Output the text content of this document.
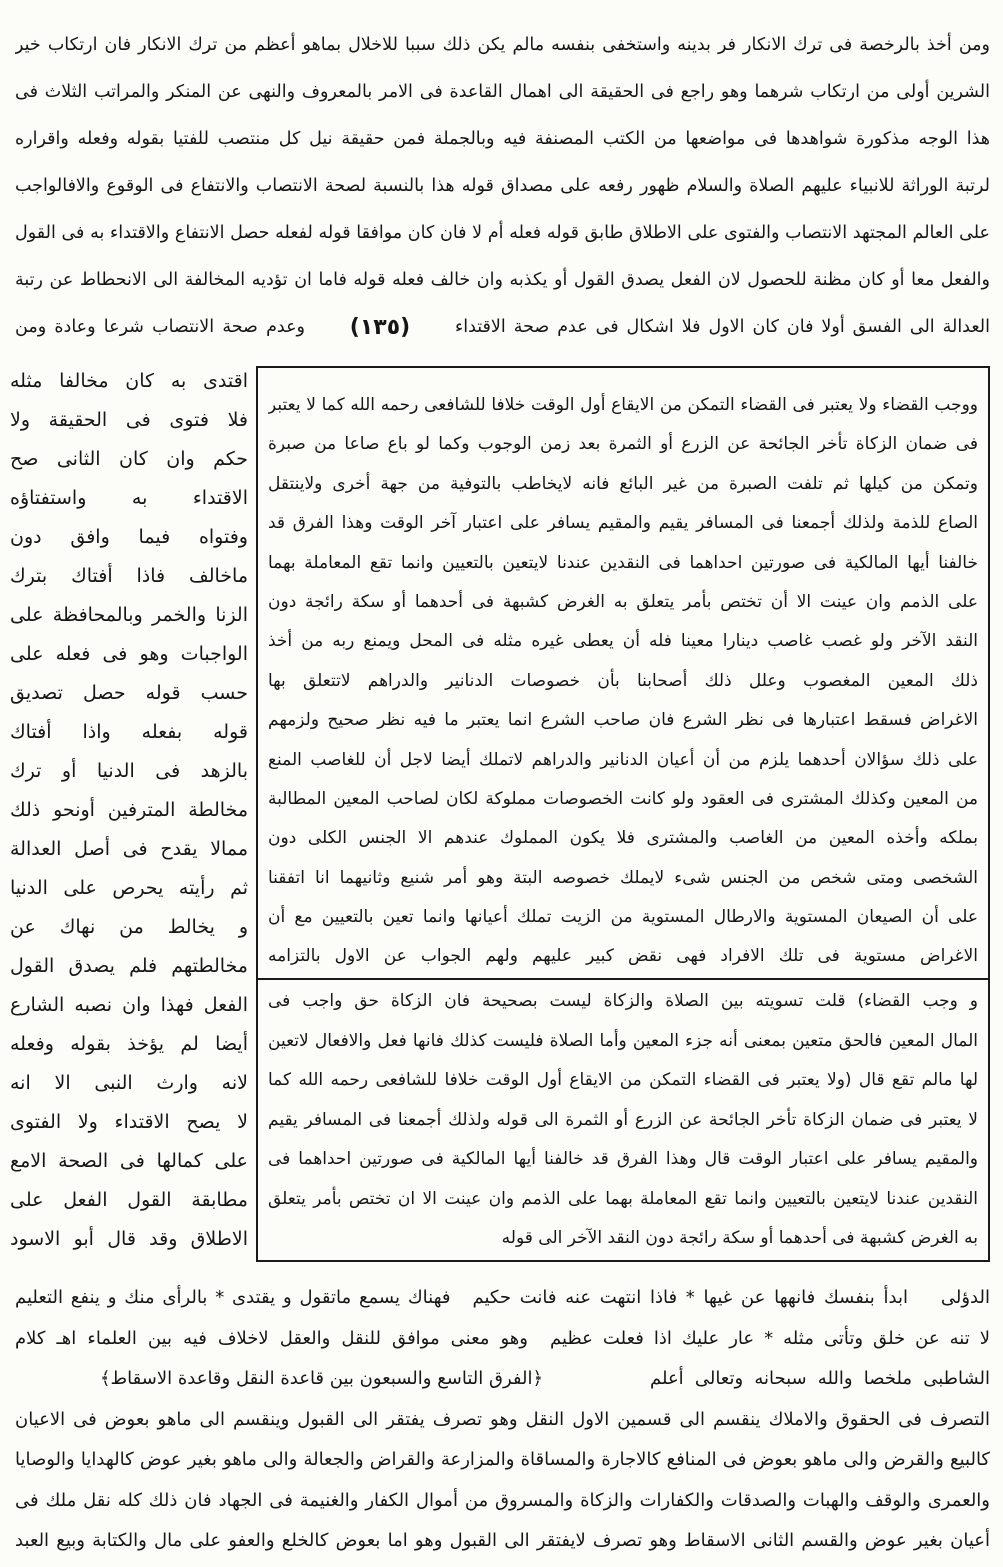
ومن أخذ بالرخصة فى ترك الانكار فر بدينه واستخفى بنفسه مالم يكن ذلك سببا للاخلال بماهو أعظم من ترك الانكار فان ارتكاب خير
الشرين أولى من ارتكاب شرهما وهو راجع فى الحقيقة الى اهمال القاعدة فى الامر بالمعروف والنهى عن المنكر والمراتب الثلاث فى
هذا الوجه مذكورة شواهدها فى مواضعها من الكتب المصنفة فيه وبالجملة فمن حقيقة نيل كل منتصب للفتيا بقوله وفعله واقراره
لرتبة الوراثة للانبياء عليهم الصلاة والسلام ظهور رفعه على مصداق قوله هذا بالنسبة لصحة الانتصاب والانتفاع فى الوقوع والافالواجب
على العالم المجتهد الانتصاب والفتوى على الاطلاق طابق قوله فعله أم لا فان كان موافقا قوله لفعله حصل الانتفاع والاقتداء به فى القول
والفعل معا أو كان مظنة للحصول لان الفعل يصدق القول أو يكذبه وان خالف فعله قوله فاما ان تؤديه المخالفة الى الانحطاط عن رتبة
العدالة الى الفسق أولا فان كان الاول فلا اشكال فى عدم صحة الاقتداء
(١٣٥)
وعدم صحة الانتصاب شرعا وعادة ومن
اقتدى به كان مخالفا مثله
فلا فتوى فى الحقيقة ولا
حكم وان كان الثانى صح
الاقتداء به واستفتاؤه
وفتواه فيما وافق دون
ماخالف فاذا أفتاك بترك
الزنا والخمر وبالمحافظة على
الواجبات وهو فى فعله على
حسب قوله حصل تصديق
قوله بفعله واذا أفتاك
بالزهد فى الدنيا أو ترك
مخالطة المترفين أونحو ذلك
ممالا يقدح فى أصل العدالة
ثم رأيته يحرص على الدنيا
و يخالط من نهاك عن
مخالطتهم فلم يصدق القول
الفعل فهذا وان نصبه الشارع
أيضا لم يؤخذ بقوله وفعله
لانه وارث النبى الا انه
لا يصح الاقتداء ولا الفتوى
على كمالها فى الصحة الامع
مطابقة القول الفعل على
الاطلاق وقد قال أبو الاسود
ووجب القضاء ولا يعتبر فى القضاء التمكن من الايقاع أول الوقت خلافا للشافعى رحمه الله كما لا يعتبر
فى ضمان الزكاة تأخر الجائحة عن الزرع أو الثمرة بعد زمن الوجوب وكما لو باع صاعا من صبرة
وتمكن من كيلها ثم تلفت الصبرة من غير البائع فانه لايخاطب بالتوفية من جهة أخرى ولاينتقل
الصاع للذمة ولذلك أجمعنا فى المسافر يقيم والمقيم يسافر على اعتبار آخر الوقت وهذا الفرق قد
خالفنا أيها المالكية فى صورتين احداهما فى النقدين عندنا لايتعين بالتعيين وانما تقع المعاملة بهما
على الذمم وان عينت الا أن تختص بأمر يتعلق به الغرض كشبهة فى أحدهما أو سكة رائجة دون
النقد الآخر ولو غصب غاصب دينارا معينا فله أن يعطى غيره مثله فى المحل ويمنع ربه من أخذ
ذلك المعين المغصوب وعلل ذلك أصحابنا بأن خصوصات الدنانير والدراهم لاتتعلق بها
الاغراض فسقط اعتبارها فى نظر الشرع فان صاحب الشرع انما يعتبر ما فيه نظر صحيح ولزمهم
على ذلك سؤالان أحدهما يلزم من أن أعيان الدنانير والدراهم لاتملك أيضا لاجل أن للغاصب المنع
من المعين وكذلك المشترى فى العقود ولو كانت الخصوصات مملوكة لكان لصاحب المعين المطالبة
بملكه وأخذه المعين من الغاصب والمشترى فلا يكون المملوك عندهم الا الجنس الكلى دون
الشخصى ومتى شخص من الجنس شىء لايملك خصوصه البتة وهو أمر شنيع وثانيهما انا اتفقنا
على أن الصيعان المستوية والارطال المستوية من الزيت تملك أعيانها وانما تعين بالتعيين مع أن
الاغراض مستوية فى تلك الافراد فهى نقض كبير عليهم ولهم الجواب عن الاول بالتزامه
و وجب القضاء) قلت تسويته بين الصلاة والزكاة ليست بصحيحة فان الزكاة حق واجب فى
المال المعين فالحق متعين بمعنى أنه جزء المعين وأما الصلاة فليست كذلك فانها فعل والافعال لاتعين
لها مالم تقع قال (ولا يعتبر فى القضاء التمكن من الايقاع أول الوقت خلافا للشافعى رحمه الله كما
لا يعتبر فى ضمان الزكاة تأخر الجائحة عن الزرع أو الثمرة الى قوله ولذلك أجمعنا فى المسافر يقيم
والمقيم يسافر على اعتبار الوقت قال وهذا الفرق قد خالفنا أيها المالكية فى صورتين احداهما فى
النقدين عندنا لايتعين بالتعيين وانما تقع المعاملة بهما على الذمم وان عينت الا ان تختص بأمر يتعلق
به الغرض كشبهة فى أحدهما أو سكة رائجة دون النقد الآخر الى قوله
الدؤلى
ابدأ بنفسك فانهها عن غيها * فاذا انتهت عنه فانت حكيم
فهناك يسمع ماتقول و يقتدى * بالرأى منك و ينفع التعليم
لا تنه عن خلق وتأتى مثله * عار عليك اذا فعلت عظيم
وهو معنى موافق للنقل والعقل لاخلاف فيه بين العلماء اهـ كلام
الشاطبى ملخصا والله سبحانه وتعالى أعلم
﴿الفرق التاسع والسبعون بين قاعدة النقل وقاعدة الاسقاط﴾
التصرف فى الحقوق والاملاك ينقسم الى قسمين الاول النقل وهو تصرف يفتقر الى القبول وينقسم الى ماهو بعوض فى الاعيان
كالبيع والقرض والى ماهو بعوض فى المنافع كالاجارة والمساقاة والمزارعة والقراض والجعالة والى ماهو بغير عوض كالهدايا والوصايا
والعمرى والوقف والهبات والصدقات والكفارات والزكاة والمسروق من أموال الكفار والغنيمة فى الجهاد فان ذلك كله نقل ملك فى
أعيان بغير عوض والقسم الثانى الاسقاط وهو تصرف لايفتقر الى القبول وهو اما بعوض كالخلع والعفو على مال والكتابة وبيع العبد
